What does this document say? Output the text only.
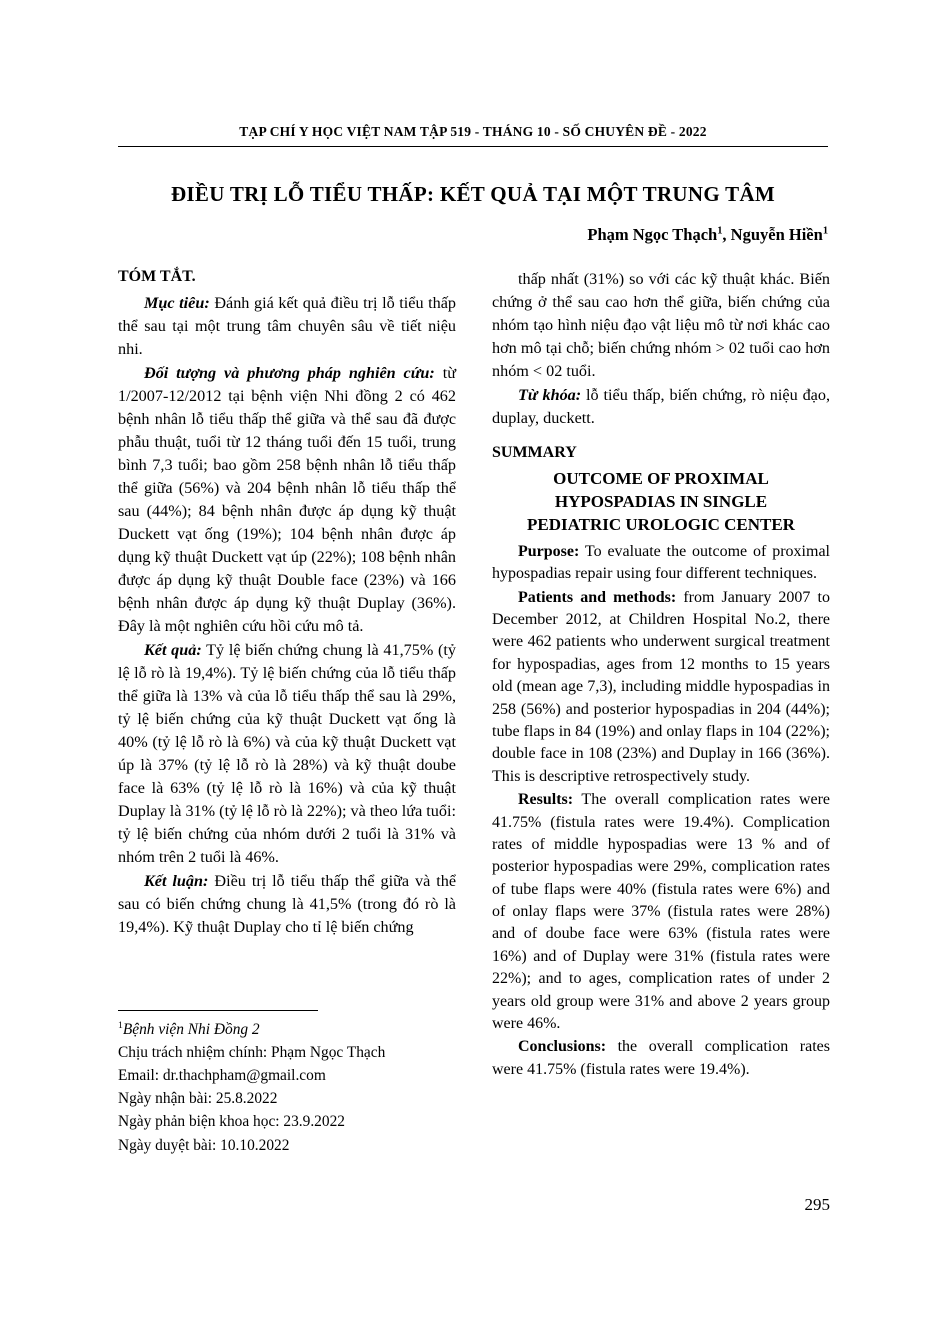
TẠP CHÍ Y HỌC VIỆT NAM TẬP 519 - THÁNG 10 - SỐ CHUYÊN ĐỀ - 2022
ĐIỀU TRỊ LỖ TIỂU THẤP: KẾT QUẢ TẠI MỘT TRUNG TÂM
Phạm Ngọc Thạch$^1$, Nguyễn Hiền$^1$
TÓM TẮT.

Mục tiêu: Đánh giá kết quả điều trị lỗ tiểu thấp thể sau tại một trung tâm chuyên sâu về tiết niệu nhi.

Đối tượng và phương pháp nghiên cứu: từ 1/2007-12/2012 tại bệnh viện Nhi đồng 2 có 462 bệnh nhân lỗ tiểu thấp thể giữa và thể sau đã được phẫu thuật, tuổi từ 12 tháng tuổi đến 15 tuổi, trung bình 7,3 tuổi; bao gồm 258 bệnh nhân lỗ tiểu thấp thể giữa (56%) và 204 bệnh nhân lỗ tiểu thấp thể sau (44%); 84 bệnh nhân được áp dụng kỹ thuật Duckett vạt ống (19%); 104 bệnh nhân được áp dụng kỹ thuật Duckett vạt úp (22%); 108 bệnh nhân được áp dụng kỹ thuật Double face (23%) và 166 bệnh nhân được áp dụng kỹ thuật Duplay (36%). Đây là một nghiên cứu hồi cứu mô tả.

Kết quả: Tỷ lệ biến chứng chung là 41,75% (tỷ lệ lỗ rò là 19,4%). Tỷ lệ biến chứng của lỗ tiểu thấp thể giữa là 13% và của lỗ tiểu thấp thể sau là 29%, tỷ lệ biến chứng của kỹ thuật Duckett vạt ống là 40% (tỷ lệ lỗ rò là 6%) và của kỹ thuật Duckett vạt úp là 37% (tỷ lệ lỗ rò là 28%) và kỹ thuật doube face là 63% (tỷ lệ lỗ rò là 16%) và của kỹ thuật Duplay là 31% (tỷ lệ lỗ rò là 22%); và theo lứa tuổi: tỷ lệ biến chứng của nhóm dưới 2 tuổi là 31% và nhóm trên 2 tuổi là 46%.

Kết luận: Điều trị lỗ tiểu thấp thể giữa và thể sau có biến chứng chung là 41,5% (trong đó rò là 19,4%). Kỹ thuật Duplay cho tỉ lệ biến chứng

thấp nhất (31%) so với các kỹ thuật khác. Biến chứng ở thể sau cao hơn thể giữa, biến chứng của nhóm tạo hình niệu đạo vật liệu mô từ nơi khác cao hơn mô tại chỗ; biến chứng nhóm > 02 tuổi cao hơn nhóm < 02 tuổi.

Từ khóa: lỗ tiểu thấp, biến chứng, rò niệu đạo, duplay, duckett.

SUMMARY
OUTCOME OF PROXIMAL
HYPOSPADIAS IN SINGLE
PEDIATRIC UROLOGIC CENTER

Purpose: To evaluate the outcome of proximal hypospadias repair using four different techniques.

Patients and methods: from January 2007 to December 2012, at Children Hospital No.2, there were 462 patients who underwent surgical treatment for hypospadias, ages from 12 months to 15 years old (mean age 7,3), including middle hypospadias in 258 (56%) and posterior hypospadias in 204 (44%); tube flaps in 84 (19%) and onlay flaps in 104 (22%); double face in 108 (23%) and Duplay in 166 (36%). This is descriptive retrospectively study.

Results: The overall complication rates were 41.75% (fistula rates were 19.4%). Complication rates of middle hypospadias were 13 % and of posterior hypospadias were 29%, complication rates of tube flaps were 40% (fistula rates were 6%) and of onlay flaps were 37% (fistula rates were 28%) and of doube face were 63% (fistula rates were 16%) and of Duplay were 31% (fistula rates were 22%); and to ages, complication rates of under 2 years old group were 31% and above 2 years group were 46%.

Conclusions: the overall complication rates were 41.75% (fistula rates were 19.4%).

$^1$Bệnh viện Nhi Đồng 2
Chịu trách nhiệm chính: Phạm Ngọc Thạch
Email: dr.thachpham@gmail.com
Ngày nhận bài: 25.8.2022
Ngày phản biện khoa học: 23.9.2022
Ngày duyệt bài: 10.10.2022
295
